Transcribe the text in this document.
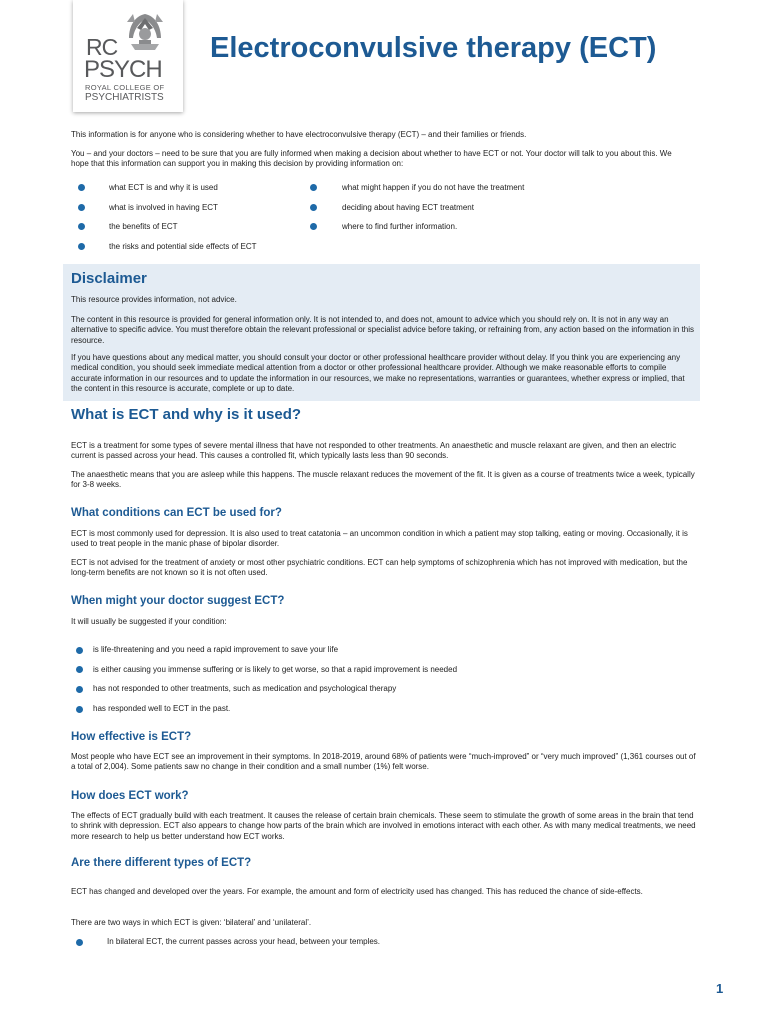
RC
PSYCH
ROYAL COLLEGE OF
PSYCHIATRISTS
Electroconvulsive therapy (ECT)

This information is for anyone who is considering whether to have electroconvulsive therapy (ECT) – and their families or friends.

You – and your doctors – need to be sure that you are fully informed when making a decision about whether to have ECT or not. Your doctor will talk to you about this. We hope that this information can support you in making this decision by providing information on:

what ECT is and why it is used
what is involved in having ECT
the benefits of ECT
the risks and potential side effects of ECT
what might happen if you do not have the treatment
deciding about having ECT treatment
where to find further information.
Disclaimer

This resource provides information, not advice.

The content in this resource is provided for general information only. It is not intended to, and does not, amount to advice which you should rely on. It is not in any way an alternative to specific advice. You must therefore obtain the relevant professional or specialist advice before taking, or refraining from, any action based on the information in this resource.

If you have questions about any medical matter, you should consult your doctor or other professional healthcare provider without delay. If you think you are experiencing any medical condition, you should seek immediate medical attention from a doctor or other professional healthcare provider. Although we make reasonable efforts to compile accurate information in our resources and to update the information in our resources, we make no representations, warranties or guarantees, whether express or implied, that the content in this resource is accurate, complete or up to date.

What is ECT and why is it used?

ECT is a treatment for some types of severe mental illness that have not responded to other treatments. An anaesthetic and muscle relaxant are given, and then an electric current is passed across your head. This causes a controlled fit, which typically lasts less than 90 seconds.

The anaesthetic means that you are asleep while this happens. The muscle relaxant reduces the movement of the fit. It is given as a course of treatments twice a week, typically for 3-8 weeks.

What conditions can ECT be used for?

ECT is most commonly used for depression. It is also used to treat catatonia – an uncommon condition in which a patient may stop talking, eating or moving. Occasionally, it is used to treat people in the manic phase of bipolar disorder.

ECT is not advised for the treatment of anxiety or most other psychiatric conditions. ECT can help symptoms of schizophrenia which has not improved with medication, but the long-term benefits are not known so it is not often used.

When might your doctor suggest ECT?

It will usually be suggested if your condition:

is life-threatening and you need a rapid improvement to save your life
is either causing you immense suffering or is likely to get worse, so that a rapid improvement is needed
has not responded to other treatments, such as medication and psychological therapy
has responded well to ECT in the past.
How effective is ECT?

Most people who have ECT see an improvement in their symptoms. In 2018-2019, around 68% of patients were “much-improved” or “very much improved” (1,361 courses out of a total of 2,004). Some patients saw no change in their condition and a small number (1%) felt worse.

How does ECT work?

The effects of ECT gradually build with each treatment. It causes the release of certain brain chemicals. These seem to stimulate the growth of some areas in the brain that tend to shrink with depression. ECT also appears to change how parts of the brain which are involved in emotions interact with each other. As with many medical treatments, we need more research to help us better understand how ECT works.

Are there different types of ECT?

ECT has changed and developed over the years. For example, the amount and form of electricity used has changed. This has reduced the chance of side-effects.

There are two ways in which ECT is given: ‘bilateral’ and ‘unilateral’.

In bilateral ECT, the current passes across your head, between your temples.
1
